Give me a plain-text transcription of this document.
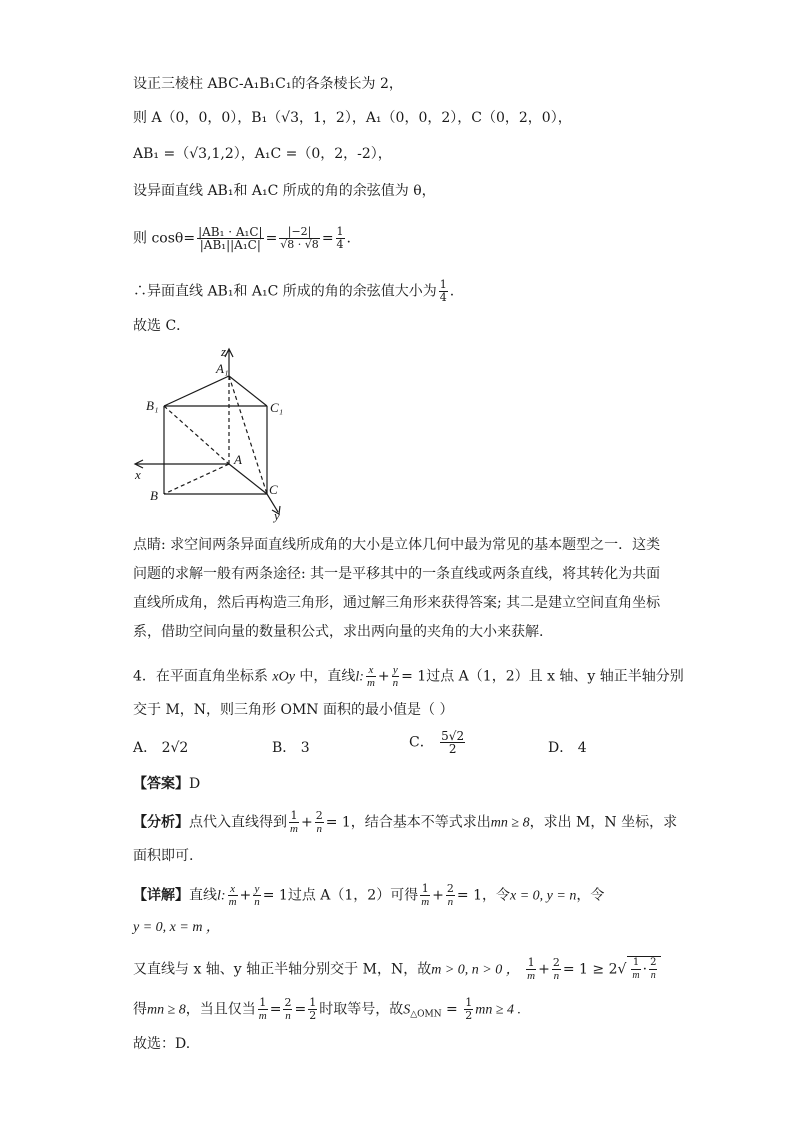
设正三棱柱 ABC-A₁B₁C₁的各条棱长为 2，
则 A（0，0，0），B₁（√3，1，2），A₁（0，0，2），C（0，2，0），
AB₁ =（√3,1,2），A₁C =（0，2，-2），
设异面直线 AB₁和 A₁C 所成的角的余弦值为 θ，
则 $\cos\theta= \frac{\text{|AB₁ · A₁C|}}{\text{|AB₁||A₁C|}} = \frac{|-2|}{√8 \cdot √8} = \frac{1}{4}$ .
∴异面直线 AB₁和 A₁C 所成的角的余弦值大小为 $\frac{1}{4}$ .
故选 C．
z
A₁
B₁	C₁
A
x
B	C
y
点睛: 求空间两条异面直线所成角的大小是立体几何中最为常见的基本题型之一．这类问题的求解一般有两条途径: 其一是平移其中的一条直线或两条直线，将其转化为共面直线所成角，然后再构造三角形，通过解三角形来获得答案; 其二是建立空间直角坐标系，借助空间向量的数量积公式，求出两向量的夹角的大小来获解.
4．在平面直角坐标系 xOy 中，直线l: $\frac{x}{m} + \frac{y}{n} = 1$过点 A（1，2）且 x 轴、y 轴正半轴分别
交于 M，N，则三角形 OMN 面积的最小值是（ ）
A． 2√2	B． 3	C． $\frac{5√2}{2}$	D． 4
【答案】D
【分析】点代入直线得到 $\frac{1}{m} + \frac{2}{n} = 1$，结合基本不等式求出mn ≥ 8，求出 M，N 坐标，求
面积即可.
【详解】直线l: $\frac{x}{m} + \frac{y}{n} = 1$过点 A（1，2）可得 $\frac{1}{m} + \frac{2}{n} = 1$，令x = 0, y = n，令
y = 0, x = m ，
又直线与 x 轴、y 轴正半轴分别交于 M，N，故m > 0, n > 0 ， $\frac{1}{m} + \frac{2}{n} = 1 \ge 2√ \frac{1}{m} \cdot \frac{2}{n}$
得mn ≥ 8，当且仅当 $\frac{1}{m} = \frac{2}{n} = \frac{1}{2}$ 时取等号，故$S_{\triangle OMN} = \frac{1}{2}$ mn ≥ 4 .
故选：D.
